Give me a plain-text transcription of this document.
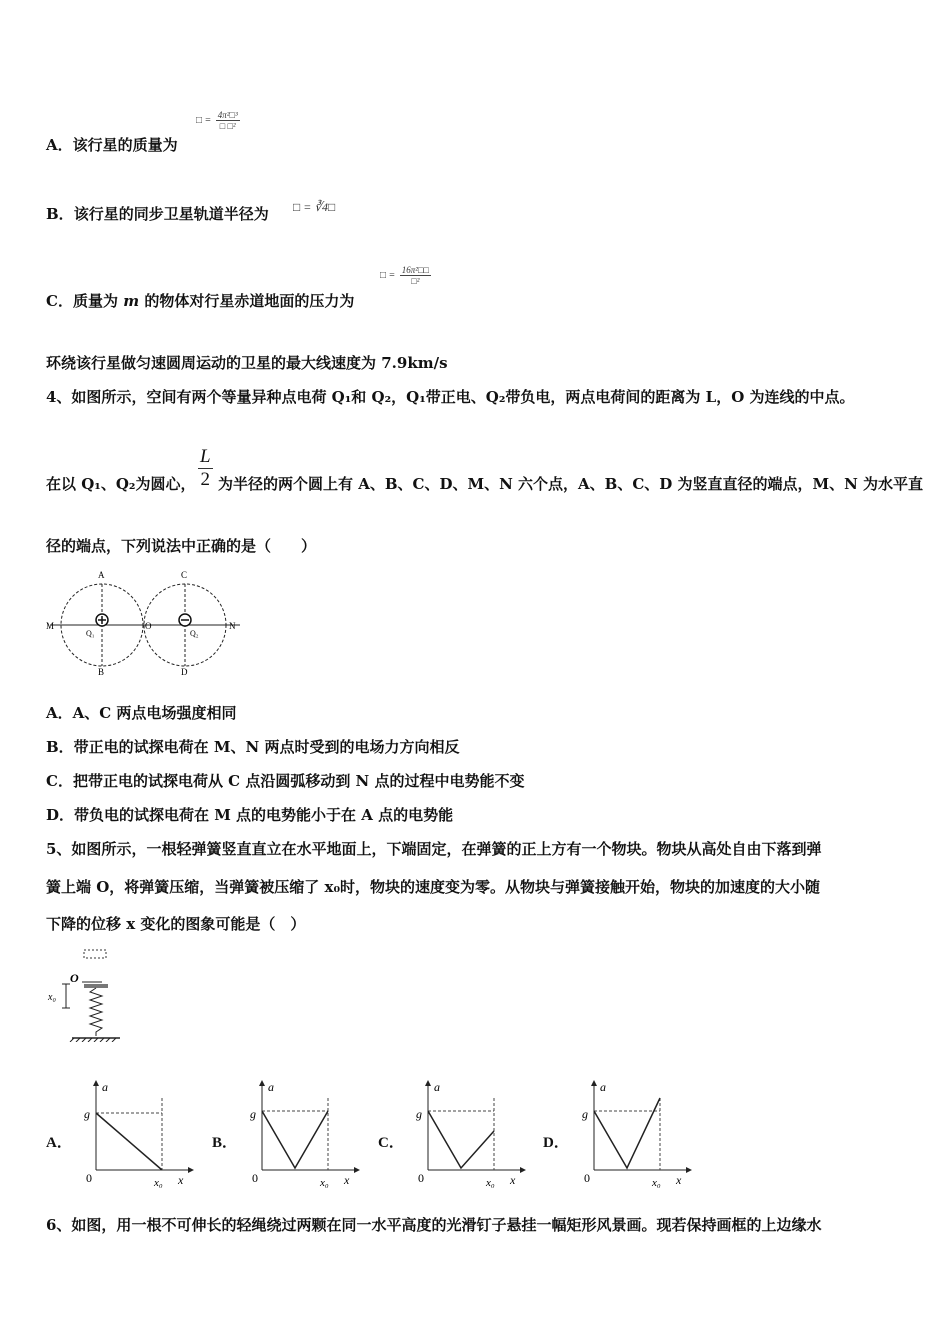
A．该行星的质量为
□ = $\frac{\text{4π²□³}}{\text{□ □²}}$
B．该行星的同步卫星轨道半径为 □ = ∛4□
C．质量为 m 的物体对行星赤道地面的压力为
□ = $\frac{\text{16π²□□}}{\text{□²}}$
环绕该行星做匀速圆周运动的卫星的最大线速度为 7.9km/s
4、如图所示，空间有两个等量异种点电荷 Q₁和 Q₂，Q₁带正电、Q₂带负电，两点电荷间的距离为 L，O 为连线的中点。
在以 Q₁、Q₂为圆心， $\frac{L}{2}$ 为半径的两个圆上有 A、B、C、D、M、N 六个点，A、B、C、D 为竖直直径的端点，M、N 为水平直
径的端点，下列说法中正确的是（　　）
A
B
C
D
M	N
O
Q₁	Q₂
A．A、C 两点电场强度相同
B．带正电的试探电荷在 M、N 两点时受到的电场力方向相反
C．把带正电的试探电荷从 C 点沿圆弧移动到 N 点的过程中电势能不变
D．带负电的试探电荷在 M 点的电势能小于在 A 点的电势能
5、如图所示，一根轻弹簧竖直直立在水平地面上，下端固定，在弹簧的正上方有一个物块。物块从高处自由下落到弹
簧上端 O，将弹簧压缩，当弹簧被压缩了 x₀时，物块的速度变为零。从物块与弹簧接触开始，物块的加速度的大小随
下降的位移 x 变化的图象可能是（　）
O
x₀
A．	B．	C．	D．
a
g
0	x₀ x
a
g
0	x₀ x
a
g
0	x₀ x
a
g
0	x₀ x
6、如图，用一根不可伸长的轻绳绕过两颗在同一水平高度的光滑钉子悬挂一幅矩形风景画。现若保持画框的上边缘水
